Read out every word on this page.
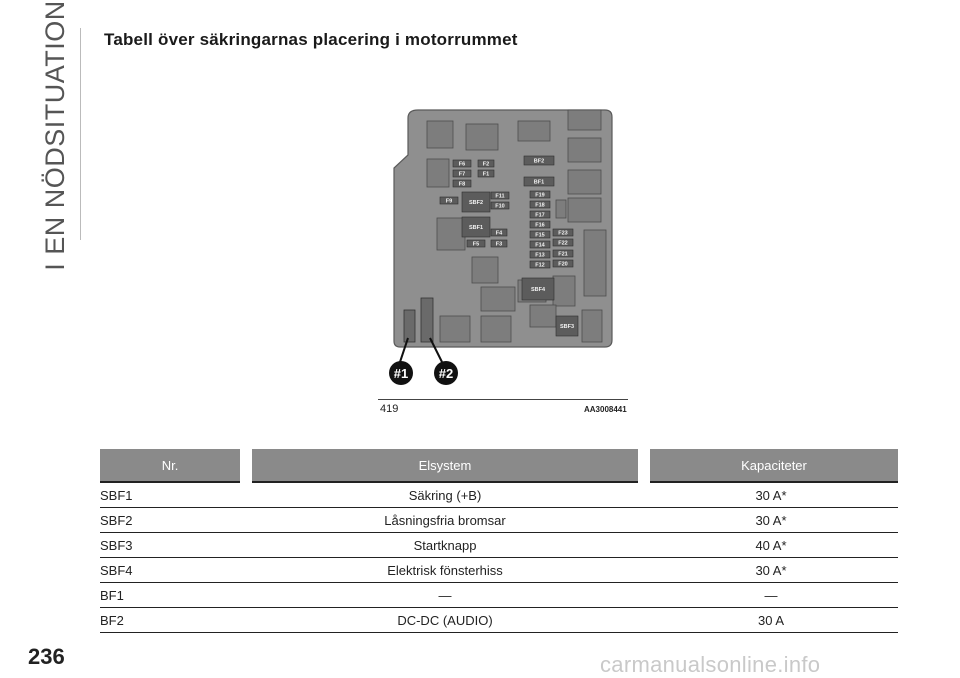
I EN NÖDSITUATION Tabell över säkringarnas placering i motorrummet
F6	F2
F7	F1
F8
F9
F11
F10
SBF2
SBF1
F4
F5	F3
BF2
BF1
F19
F18
F17
F16
F15
F14
F13
F12
F23
F22
F21
F20
SBF4
SBF3
#1 #2
419	AA3008441
Nr.	Elsystem	Kapaciteter
SBF1	Säkring (+B)	30 A*
SBF2	Låsningsfria bromsar	30 A*
SBF3	Startknapp	40 A*
SBF4	Elektrisk fönsterhiss	30 A*
BF1	—	—
BF2	DC-DC (AUDIO)	30 A
236	carmanualsonline.info
